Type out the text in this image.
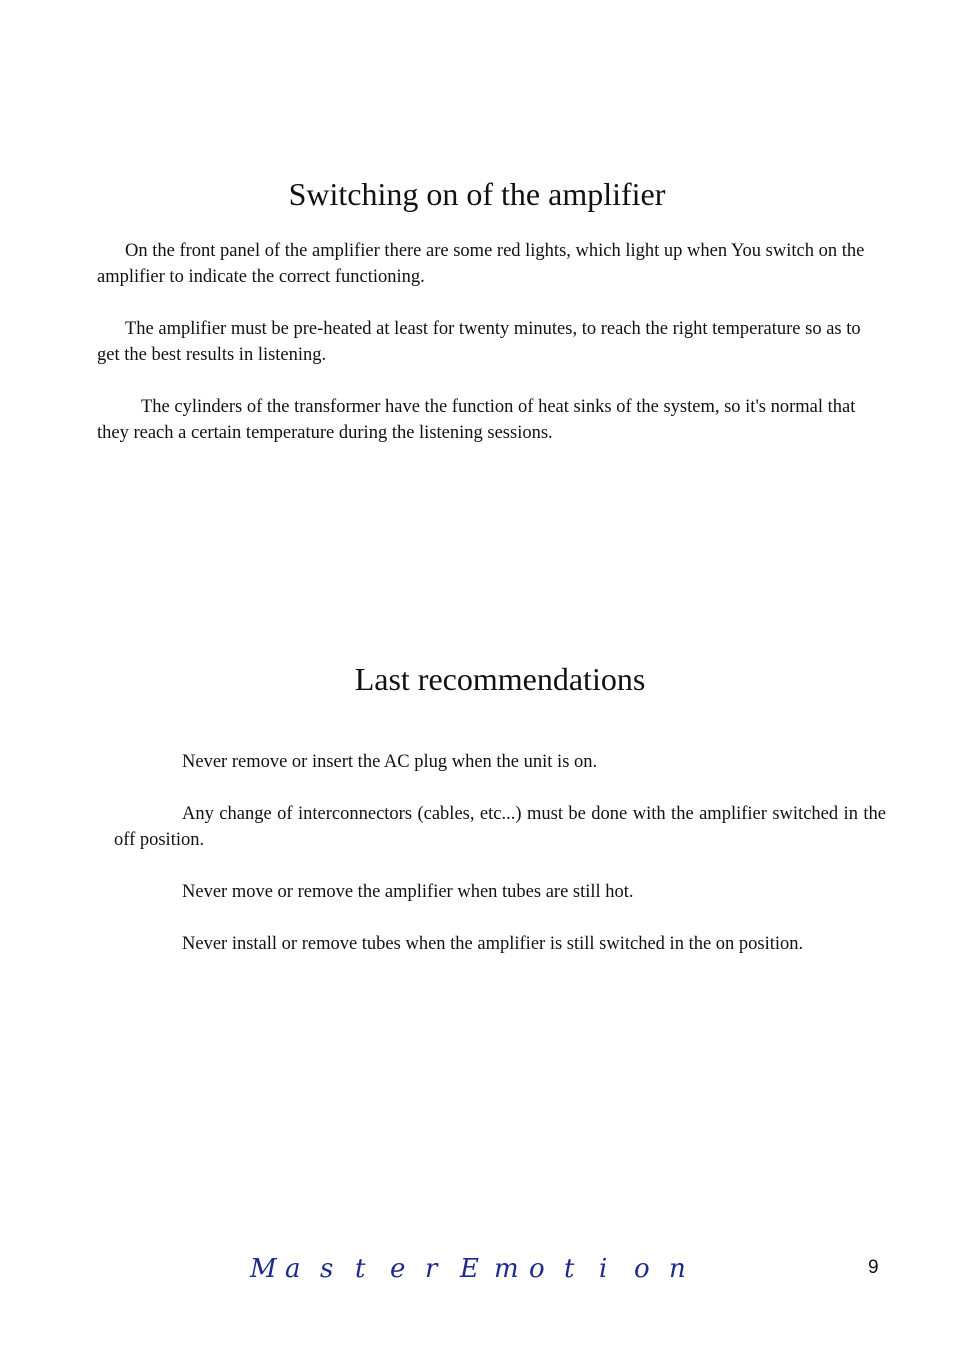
Switching on of the amplifier

On the front panel of the amplifier there are some red lights, which light up when You switch on the amplifier to indicate the correct functioning.

The amplifier must be pre-heated at least for twenty minutes, to reach the right temperature so as to get the best results in listening.

The cylinders of the transformer have the function of heat sinks of the system, so it's normal that they reach a certain temperature during the listening sessions.

Last recommendations

Never remove or insert the AC plug when the unit is on.

Any change of interconnectors (cables, etc...) must be done with the amplifier switched in the off position.

Never move or remove the amplifier when tubes are still hot.

Never install or remove tubes when the amplifier is still switched in the on position.

M a s t e r E m o t i o n	9
